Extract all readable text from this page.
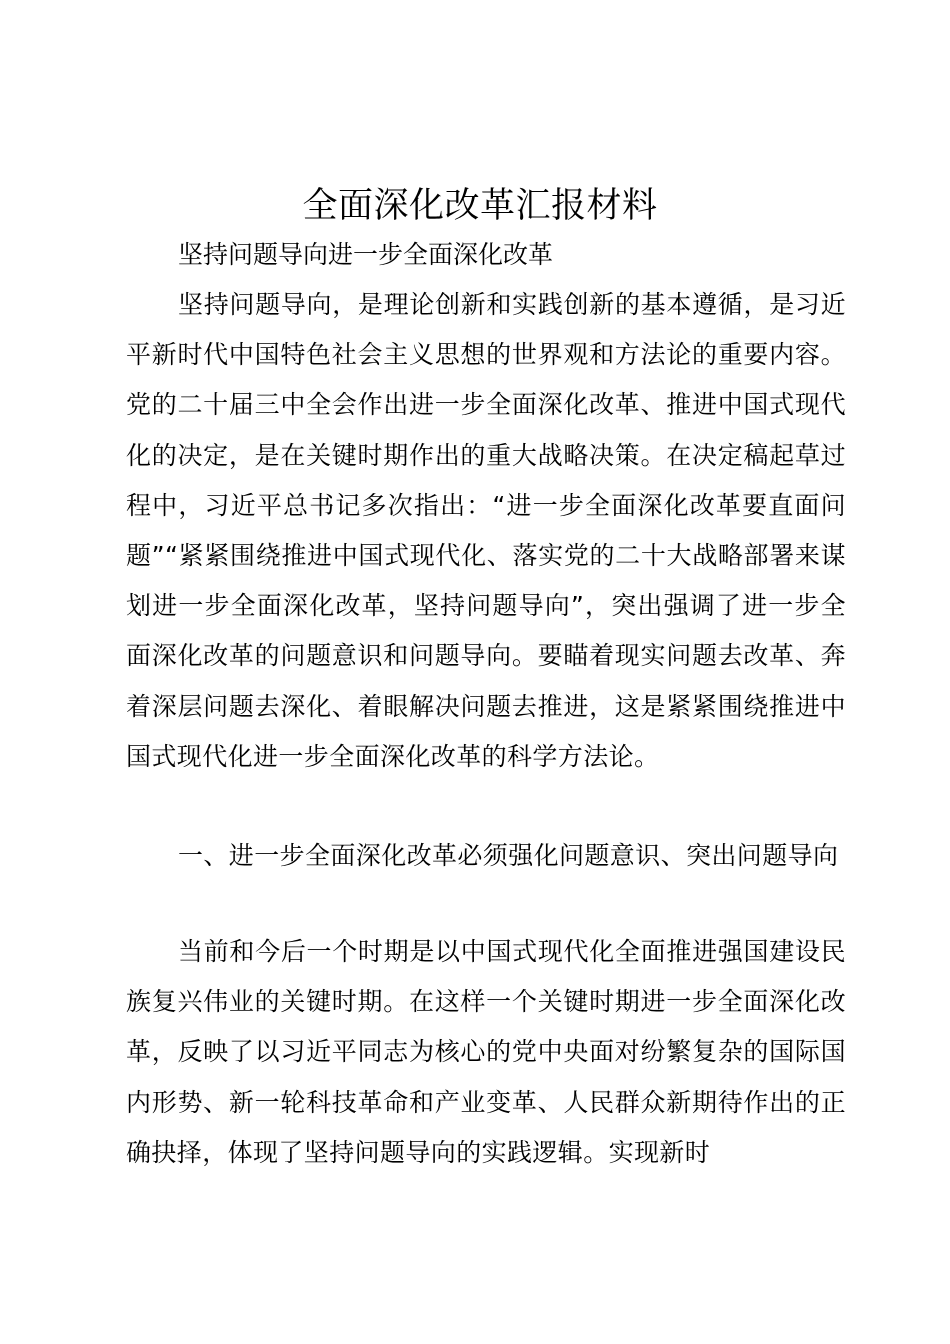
全面深化改革汇报材料

坚持问题导向进一步全面深化改革

坚持问题导向，是理论创新和实践创新的基本遵循，是习近平新时代中国特色社会主义思想的世界观和方法论的重要内容。党的二十届三中全会作出进一步全面深化改革、推进中国式现代化的决定，是在关键时期作出的重大战略决策。在决定稿起草过程中，习近平总书记多次指出：“进一步全面深化改革要直面问题”“紧紧围绕推进中国式现代化、落实党的二十大战略部署来谋划进一步全面深化改革，坚持问题导向”，突出强调了进一步全面深化改革的问题意识和问题导向。要瞄着现实问题去改革、奔着深层问题去深化、着眼解决问题去推进，这是紧紧围绕推进中国式现代化进一步全面深化改革的科学方法论。

一、进一步全面深化改革必须强化问题意识、突出问题导向

当前和今后一个时期是以中国式现代化全面推进强国建设民族复兴伟业的关键时期。在这样一个关键时期进一步全面深化改革，反映了以习近平同志为核心的党中央面对纷繁复杂的国际国内形势、新一轮科技革命和产业变革、人民群众新期待作出的正确抉择，体现了坚持问题导向的实践逻辑。实现新时
